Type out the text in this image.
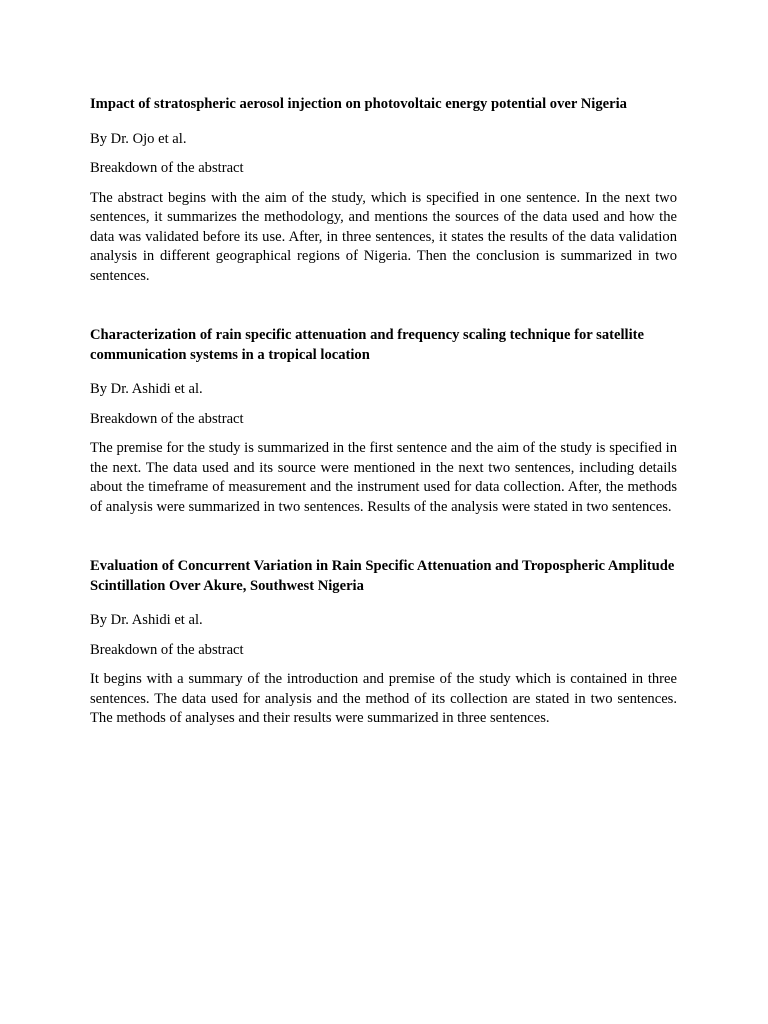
Impact of stratospheric aerosol injection on photovoltaic energy potential over Nigeria

By Dr. Ojo et al.

Breakdown of the abstract

The abstract begins with the aim of the study, which is specified in one sentence. In the next two sentences, it summarizes the methodology, and mentions the sources of the data used and how the data was validated before its use. After, in three sentences, it states the results of the data validation analysis in different geographical regions of Nigeria. Then the conclusion is summarized in two sentences.

Characterization of rain specific attenuation and frequency scaling technique for satellite communication systems in a tropical location

By Dr. Ashidi et al.

Breakdown of the abstract

The premise for the study is summarized in the first sentence and the aim of the study is specified in the next. The data used and its source were mentioned in the next two sentences, including details about the timeframe of measurement and the instrument used for data collection. After, the methods of analysis were summarized in two sentences. Results of the analysis were stated in two sentences.

Evaluation of Concurrent Variation in Rain Specific Attenuation and Tropospheric Amplitude Scintillation Over Akure, Southwest Nigeria

By Dr. Ashidi et al.

Breakdown of the abstract

It begins with a summary of the introduction and premise of the study which is contained in three sentences. The data used for analysis and the method of its collection are stated in two sentences. The methods of analyses and their results were summarized in three sentences.
